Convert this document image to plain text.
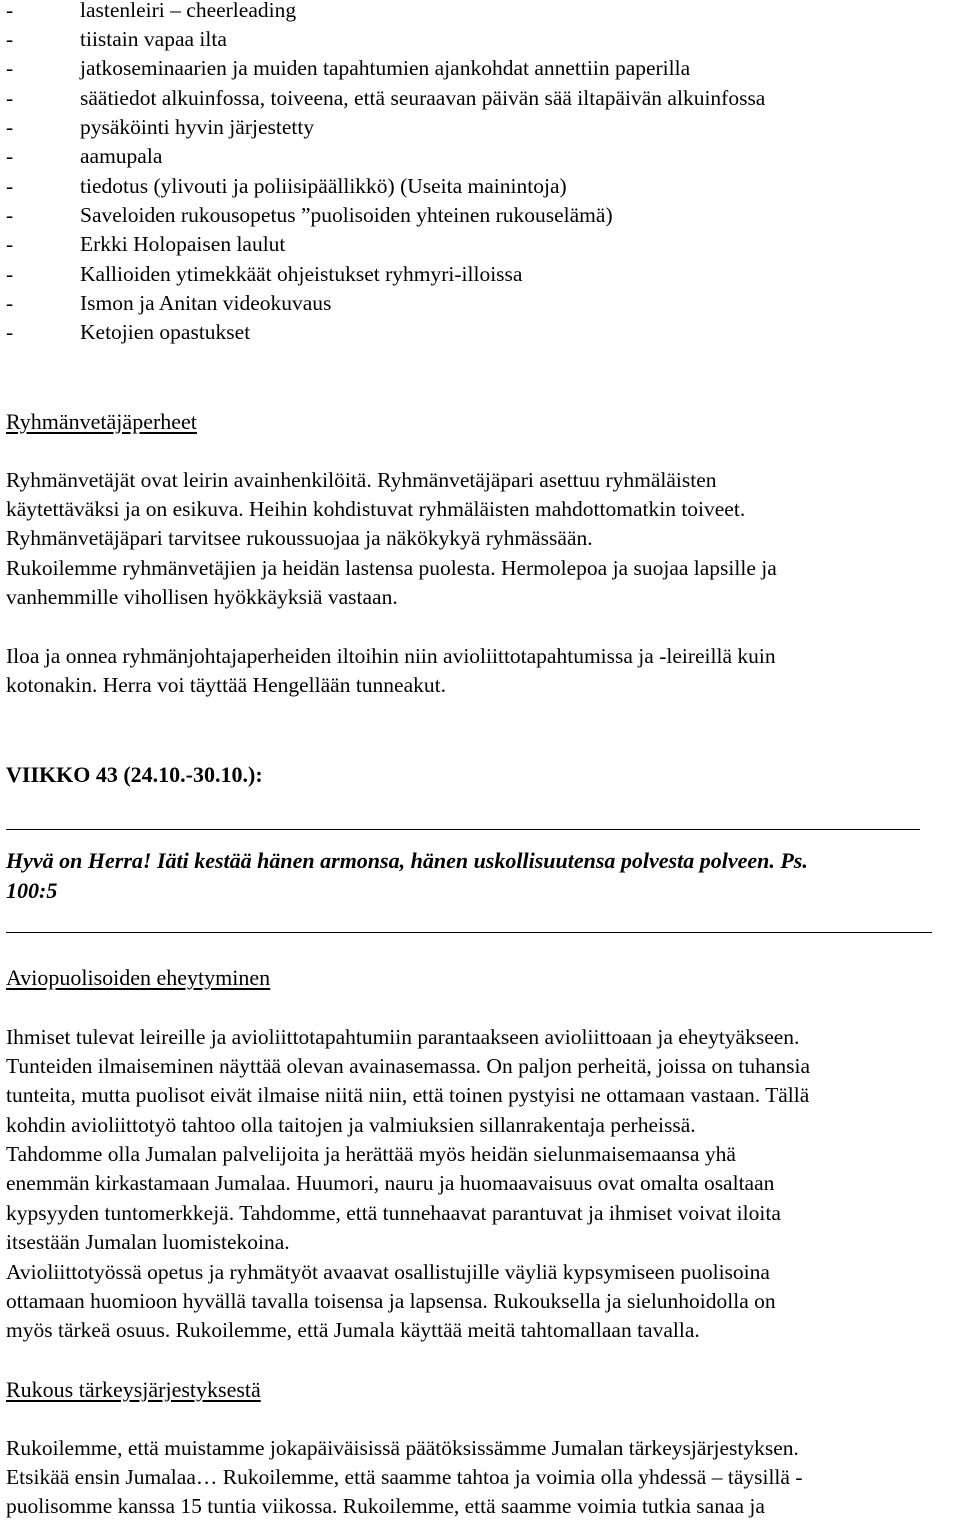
-	lastenleiri – cheerleading
-	tiistain vapaa ilta
-	jatkoseminaarien ja muiden tapahtumien ajankohdat annettiin paperilla
-	säätiedot alkuinfossa, toiveena, että seuraavan päivän sää iltapäivän alkuinfossa
-	pysäköinti hyvin järjestetty
-	aamupala
-	tiedotus (ylivouti ja poliisipäällikkö) (Useita mainintoja)
-	Saveloiden rukousopetus ”puolisoiden yhteinen rukouselämä)
-	Erkki Holopaisen laulut
-	Kallioiden ytimekkäät ohjeistukset ryhmyri-illoissa
-	Ismon ja Anitan videokuvaus
-	Ketojien opastukset
Ryhmänvetäjäperheet
Ryhmänvetäjät ovat leirin avainhenkilöitä. Ryhmänvetäjäpari asettuu ryhmäläisten
käytettäväksi ja on esikuva. Heihin kohdistuvat ryhmäläisten mahdottomatkin toiveet.
Ryhmänvetäjäpari tarvitsee rukoussuojaa ja näkökykyä ryhmässään.
Rukoilemme ryhmänvetäjien ja heidän lastensa puolesta. Hermolepoa ja suojaa lapsille ja
vanhemmille vihollisen hyökkäyksiä vastaan.
Iloa ja onnea ryhmänjohtajaperheiden iltoihin niin avioliittotapahtumissa ja -leireillä kuin
kotonakin. Herra voi täyttää Hengellään tunneakut.
VIIKKO 43 (24.10.-30.10.):
Hyvä on Herra! Iäti kestää hänen armonsa, hänen uskollisuutensa polvesta polveen. Ps.
100:5
Aviopuolisoiden eheytyminen
Ihmiset tulevat leireille ja avioliittotapahtumiin parantaakseen avioliittoaan ja eheytyäkseen.
Tunteiden ilmaiseminen näyttää olevan avainasemassa. On paljon perheitä, joissa on tuhansia
tunteita, mutta puolisot eivät ilmaise niitä niin, että toinen pystyisi ne ottamaan vastaan. Tällä
kohdin avioliittotyö tahtoo olla taitojen ja valmiuksien sillanrakentaja perheissä.
Tahdomme olla Jumalan palvelijoita ja herättää myös heidän sielunmaisemaansa yhä
enemmän kirkastamaan Jumalaa. Huumori, nauru ja huomaavaisuus ovat omalta osaltaan
kypsyyden tuntomerkkejä. Tahdomme, että tunnehaavat parantuvat ja ihmiset voivat iloita
itsestään Jumalan luomistekoina.
Avioliittotyössä opetus ja ryhmätyöt avaavat osallistujille väyliä kypsymiseen puolisoina
ottamaan huomioon hyvällä tavalla toisensa ja lapsensa. Rukouksella ja sielunhoidolla on
myös tärkeä osuus. Rukoilemme, että Jumala käyttää meitä tahtomallaan tavalla.
Rukous tärkeysjärjestyksestä
Rukoilemme, että muistamme jokapäiväisissä päätöksissämme Jumalan tärkeysjärjestyksen.
Etsikää ensin Jumalaa… Rukoilemme, että saamme tahtoa ja voimia olla yhdessä – täysillä -
puolisomme kanssa 15 tuntia viikossa. Rukoilemme, että saamme voimia tutkia sanaa ja
